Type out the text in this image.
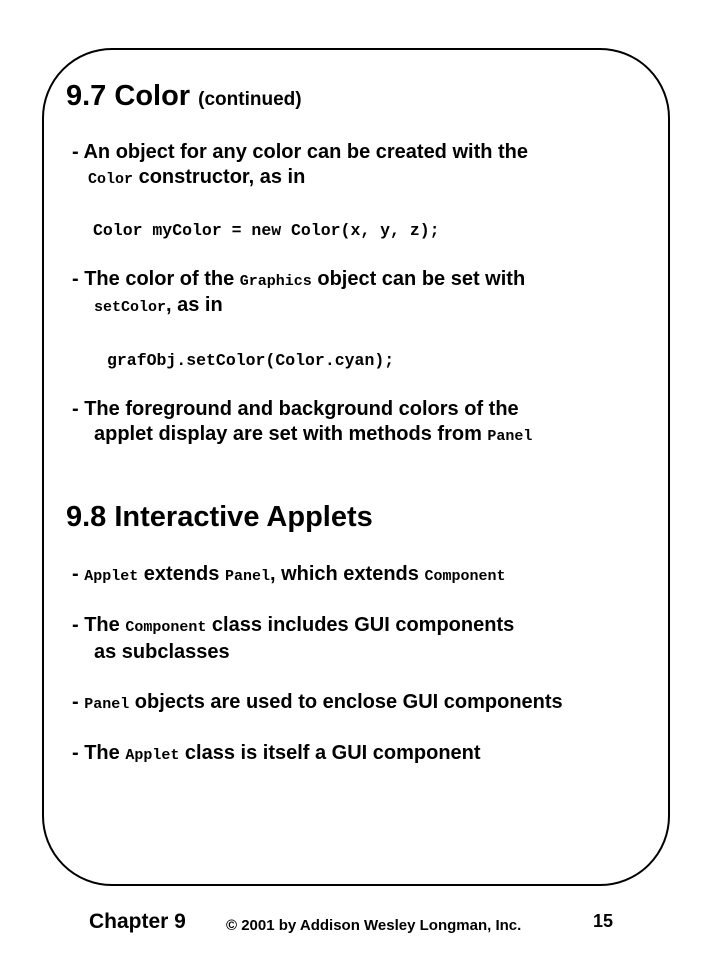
9.7 Color (continued)
- An object for any color can be created with the
Color constructor, as in
Color myColor = new Color(x, y, z);
- The color of the Graphics object can be set with
setColor, as in
grafObj.setColor(Color.cyan);
- The foreground and background colors of the
applet display are set with methods from Panel
9.8 Interactive Applets
- Applet extends Panel, which extends Component
- The Component class includes GUI components
as subclasses
- Panel objects are used to enclose GUI components
- The Applet class is itself a GUI component
Chapter 9	© 2001 by Addison Wesley Longman, Inc.	15
